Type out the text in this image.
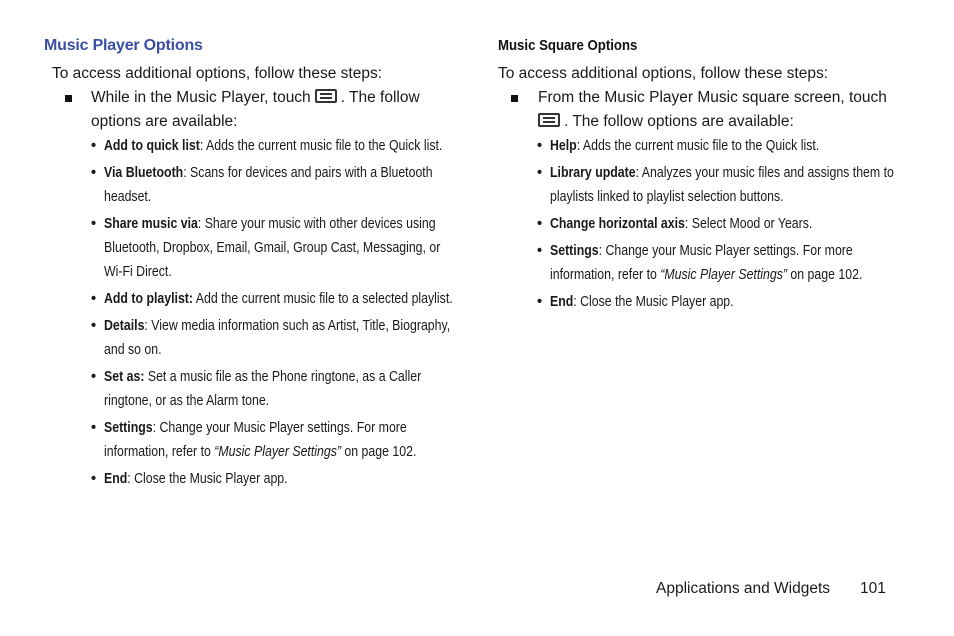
Music Player Options
To access additional options, follow these steps:
While in the Music Player, touch . The follow options are available:
• Add to quick list: Adds the current music file to the Quick list.
• Via Bluetooth: Scans for devices and pairs with a Bluetooth headset.
• Share music via: Share your music with other devices using Bluetooth, Dropbox, Email, Gmail, Group Cast, Messaging, or Wi-Fi Direct.
• Add to playlist: Add the current music file to a selected playlist.
• Details: View media information such as Artist, Title, Biography, and so on.
• Set as: Set a music file as the Phone ringtone, as a Caller ringtone, or as the Alarm tone.
• Settings: Change your Music Player settings. For more information, refer to “Music Player Settings” on page 102.
• End: Close the Music Player app.
Music Square Options
To access additional options, follow these steps:
From the Music Player Music square screen, touch
. The follow options are available:
• Help: Adds the current music file to the Quick list.
• Library update: Analyzes your music files and assigns them to playlists linked to playlist selection buttons.
• Change horizontal axis: Select Mood or Years.
• Settings: Change your Music Player settings. For more information, refer to “Music Player Settings” on page 102.
• End: Close the Music Player app.
Applications and Widgets 101
